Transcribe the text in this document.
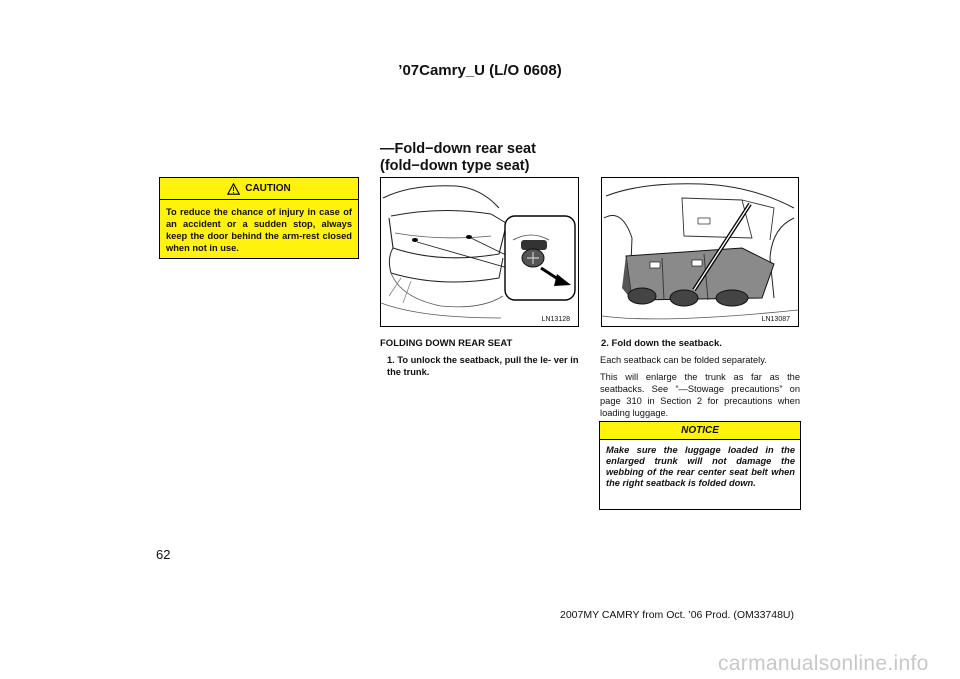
’07Camry_U (L/O 0608)
CAUTION
To reduce the chance of injury in case of an accident or a sudden stop, always keep the door behind the arm-rest closed when not in use.
—Fold−down rear seat
(fold−down type seat)
LN13128	LN13087
FOLDING DOWN REAR SEAT
1. To unlock the seatback, pull the le- ver in the trunk.
2. Fold down the seatback.
Each seatback can be folded separately.
This will enlarge the trunk as far as the seatbacks. See “—Stowage precautions” on page 310 in Section 2 for precautions when loading luggage.
NOTICE
Make sure the luggage loaded in the enlarged trunk will not damage the webbing of the rear center seat belt when the right seatback is folded down.
62
2007MY CAMRY from Oct. ’06 Prod. (OM33748U)
carmanualsonline.info
